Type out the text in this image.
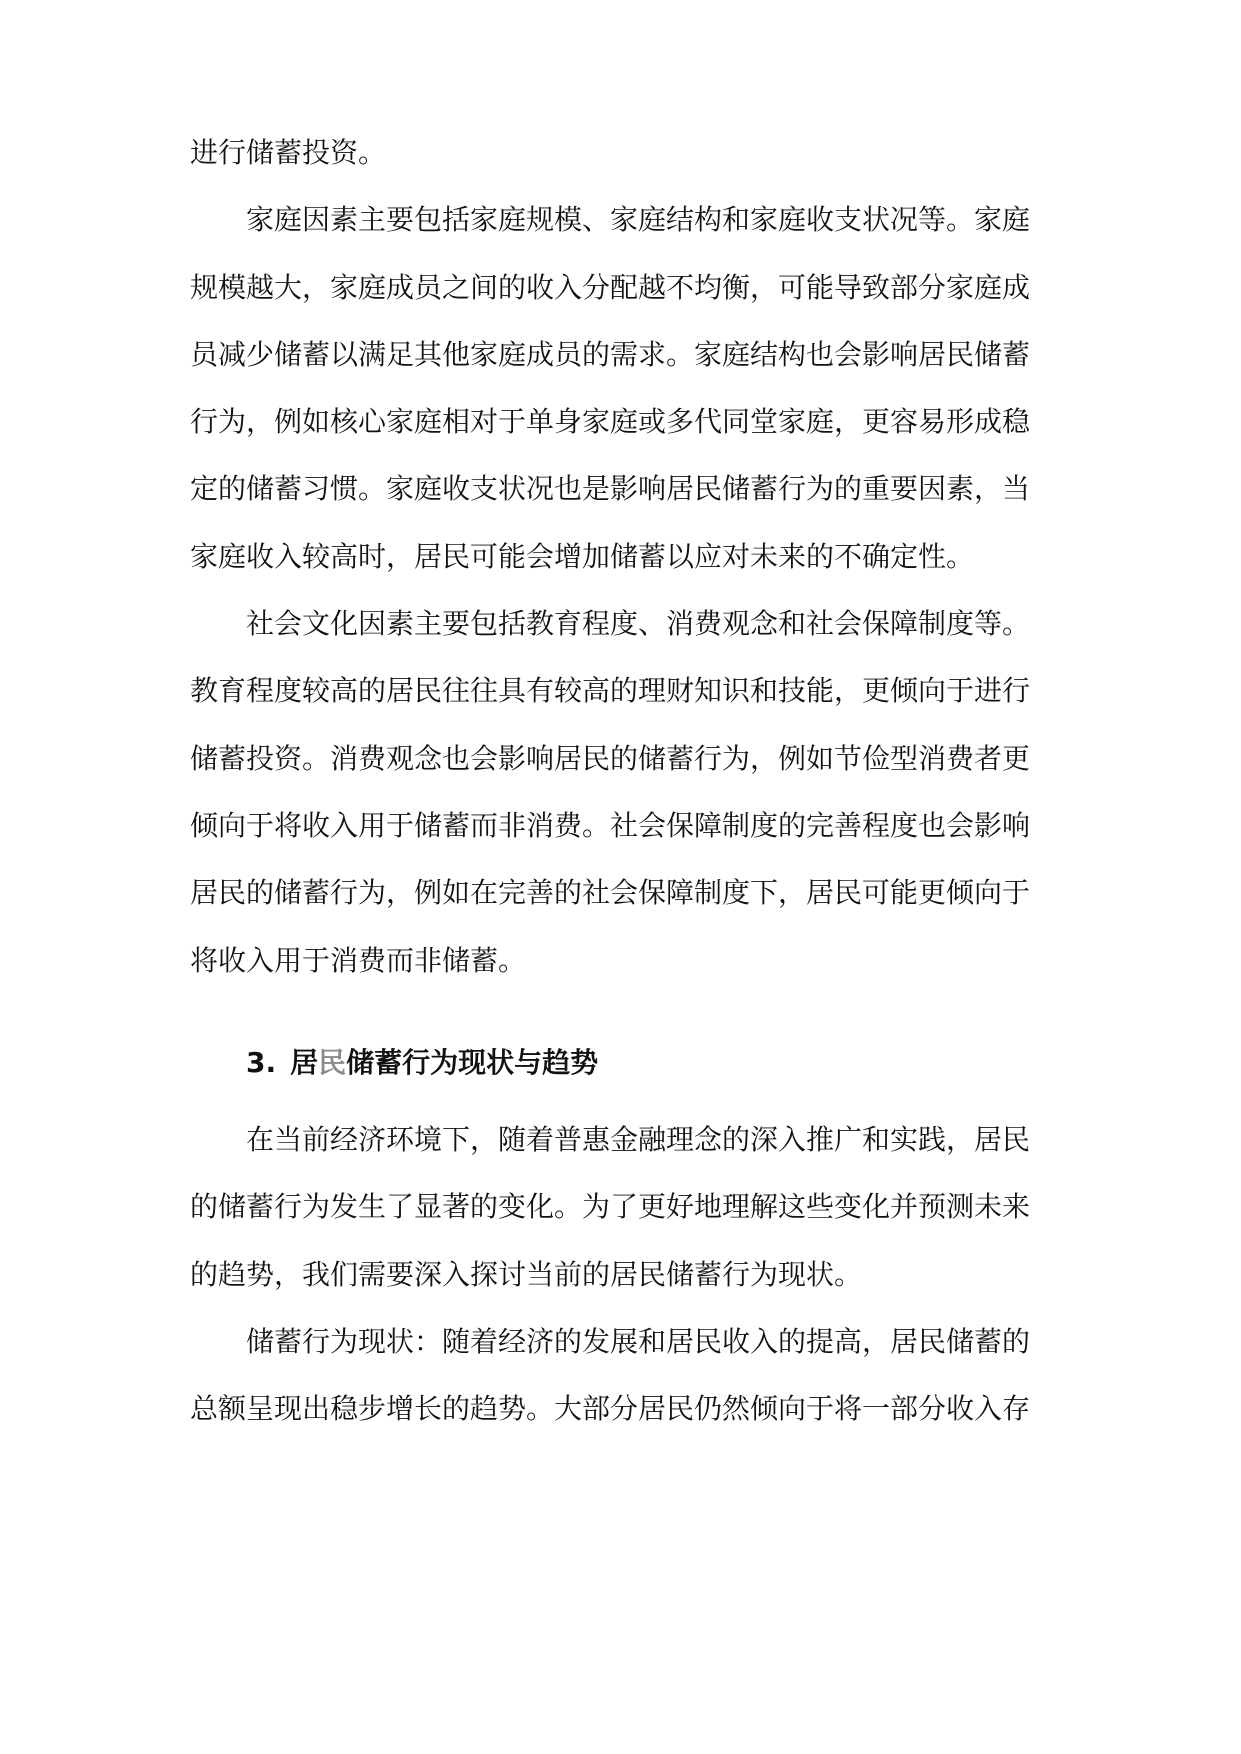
进行储蓄投资。
　　家庭因素主要包括家庭规模、家庭结构和家庭收支状况等。家庭
规模越大，家庭成员之间的收入分配越不均衡，可能导致部分家庭成
员减少储蓄以满足其他家庭成员的需求。家庭结构也会影响居民储蓄
行为，例如核心家庭相对于单身家庭或多代同堂家庭，更容易形成稳
定的储蓄习惯。家庭收支状况也是影响居民储蓄行为的重要因素，当
家庭收入较高时，居民可能会增加储蓄以应对未来的不确定性。
　　社会文化因素主要包括教育程度、消费观念和社会保障制度等。
教育程度较高的居民往往具有较高的理财知识和技能，更倾向于进行
储蓄投资。消费观念也会影响居民的储蓄行为，例如节俭型消费者更
倾向于将收入用于储蓄而非消费。社会保障制度的完善程度也会影响
居民的储蓄行为，例如在完善的社会保障制度下，居民可能更倾向于
将收入用于消费而非储蓄。
3. 居民储蓄行为现状与趋势
　　在当前经济环境下，随着普惠金融理念的深入推广和实践，居民
的储蓄行为发生了显著的变化。为了更好地理解这些变化并预测未来
的趋势，我们需要深入探讨当前的居民储蓄行为现状。
　　储蓄行为现状：随着经济的发展和居民收入的提高，居民储蓄的
总额呈现出稳步增长的趋势。大部分居民仍然倾向于将一部分收入存
